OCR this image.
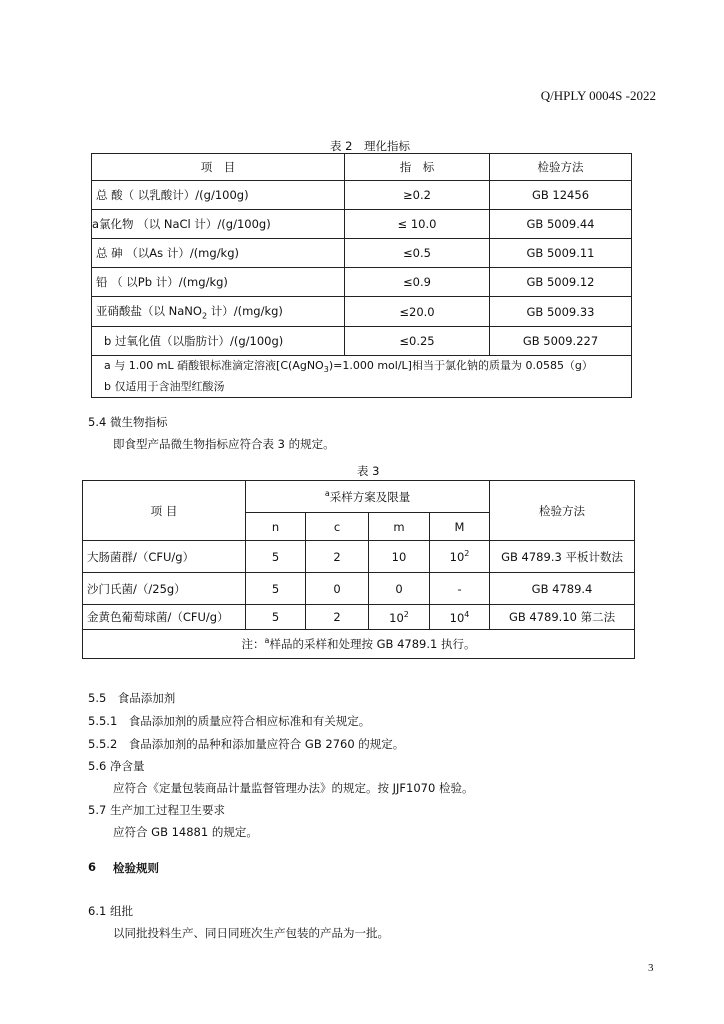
Q/HPLY 0004S -2022
表 2　理化指标
项　目	指　标	检验方法
总 酸（ 以乳酸计）/(g/100g)	≥0.2	GB 12456
a氯化物 （以 NaCl 计）/(g/100g)	≤ 10.0	GB 5009.44
总 砷 （以As 计）/(mg/kg)	≤0.5	GB 5009.11
铅 （ 以Pb 计）/(mg/kg)	≤0.9	GB 5009.12
亚硝酸盐（以 NaNO$_2$ 计）/(mg/kg)	≤20.0	GB 5009.33
b 过氧化值（以脂肪计）/(g/100g)	≤0.25	GB 5009.227

a 与 1.00 mL 硝酸银标准滴定溶液[C(AgNO$_3$)=1.000 mol/L]相当于氯化钠的质量为 0.0585（g）
b 仅适用于含油型红酸汤		
5.4 微生物指标
即食型产品微生物指标应符合表 3 的规定。
表 3
项 目	$^a$采样方案及限量				检验方法
	n	c	m	M	
大肠菌群/（CFU/g）	5	2	10	$10^2$	GB 4789.3 平板计数法
沙门氏菌/（/25g）	5	0	0	-	GB 4789.4
金黄色葡萄球菌/（CFU/g）	5	2	$10^2$	$10^4$	GB 4789.10 第二法
注：$^a$样品的采样和处理按 GB 4789.1 执行。					
5.5　食品添加剂
5.5.1　食品添加剂的质量应符合相应标准和有关规定。
5.5.2　食品添加剂的品种和添加量应符合 GB 2760 的规定。
5.6 净含量
应符合《定量包装商品计量监督管理办法》的规定。按 JJF1070 检验。
5.7 生产加工过程卫生要求
应符合 GB 14881 的规定。
6 检验规则
6.1 组批
以同批投料生产、同日同班次生产包装的产品为一批。
3
